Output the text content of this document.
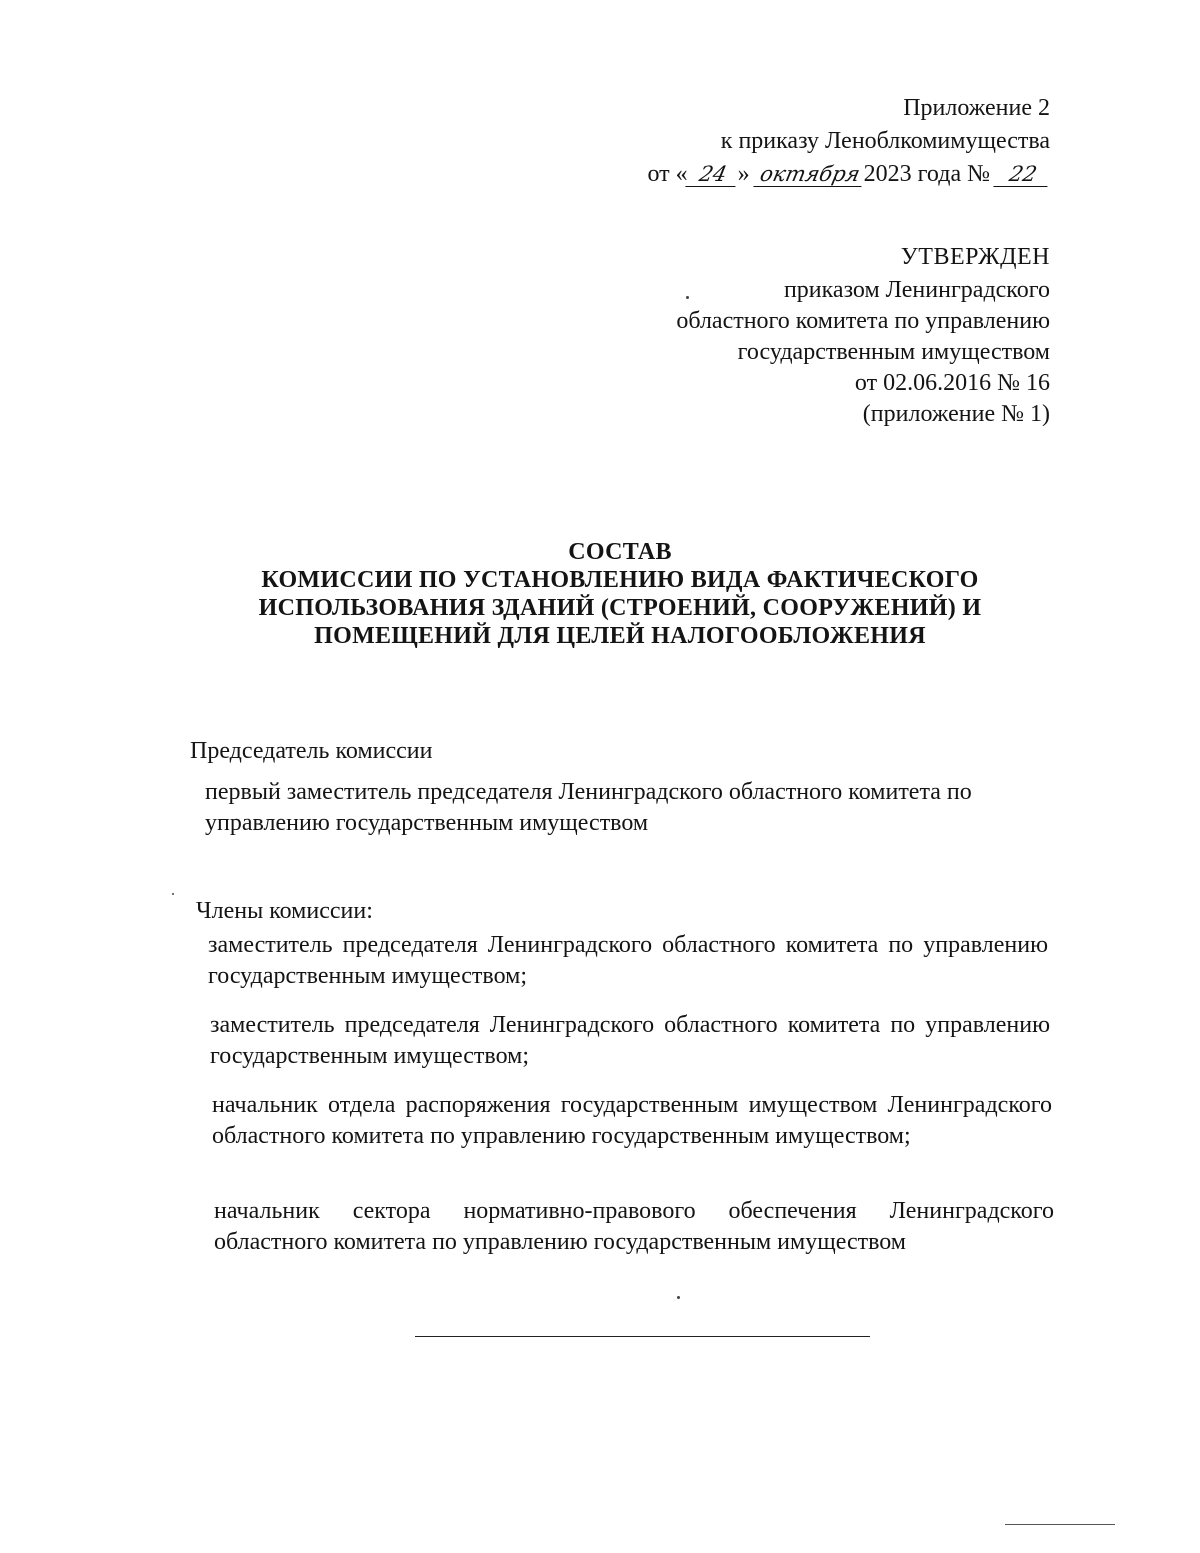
Приложение 2
к приказу Леноблкомимущества
от « 24 » октября2023 года № 22
УТВЕРЖДЕН
приказом Ленинградского
областного комитета по управлению
государственным имуществом
от 02.06.2016 № 16
(приложение № 1)
СОСТАВ
КОМИССИИ ПО УСТАНОВЛЕНИЮ ВИДА ФАКТИЧЕСКОГО
ИСПОЛЬЗОВАНИЯ ЗДАНИЙ (СТРОЕНИЙ, СООРУЖЕНИЙ) И
ПОМЕЩЕНИЙ ДЛЯ ЦЕЛЕЙ НАЛОГООБЛОЖЕНИЯ
Председатель комиссии
первый заместитель председателя Ленинградского областного комитета по управлению государственным имуществом
Члены комиссии:
заместитель председателя Ленинградского областного комитета по управлению государственным имуществом;
заместитель председателя Ленинградского областного комитета по управлению государственным имуществом;
начальник отдела распоряжения государственным имуществом Ленинградского областного комитета по управлению государственным имуществом;
начальник сектора нормативно-правового обеспечения Ленинградского областного комитета по управлению государственным имуществом
